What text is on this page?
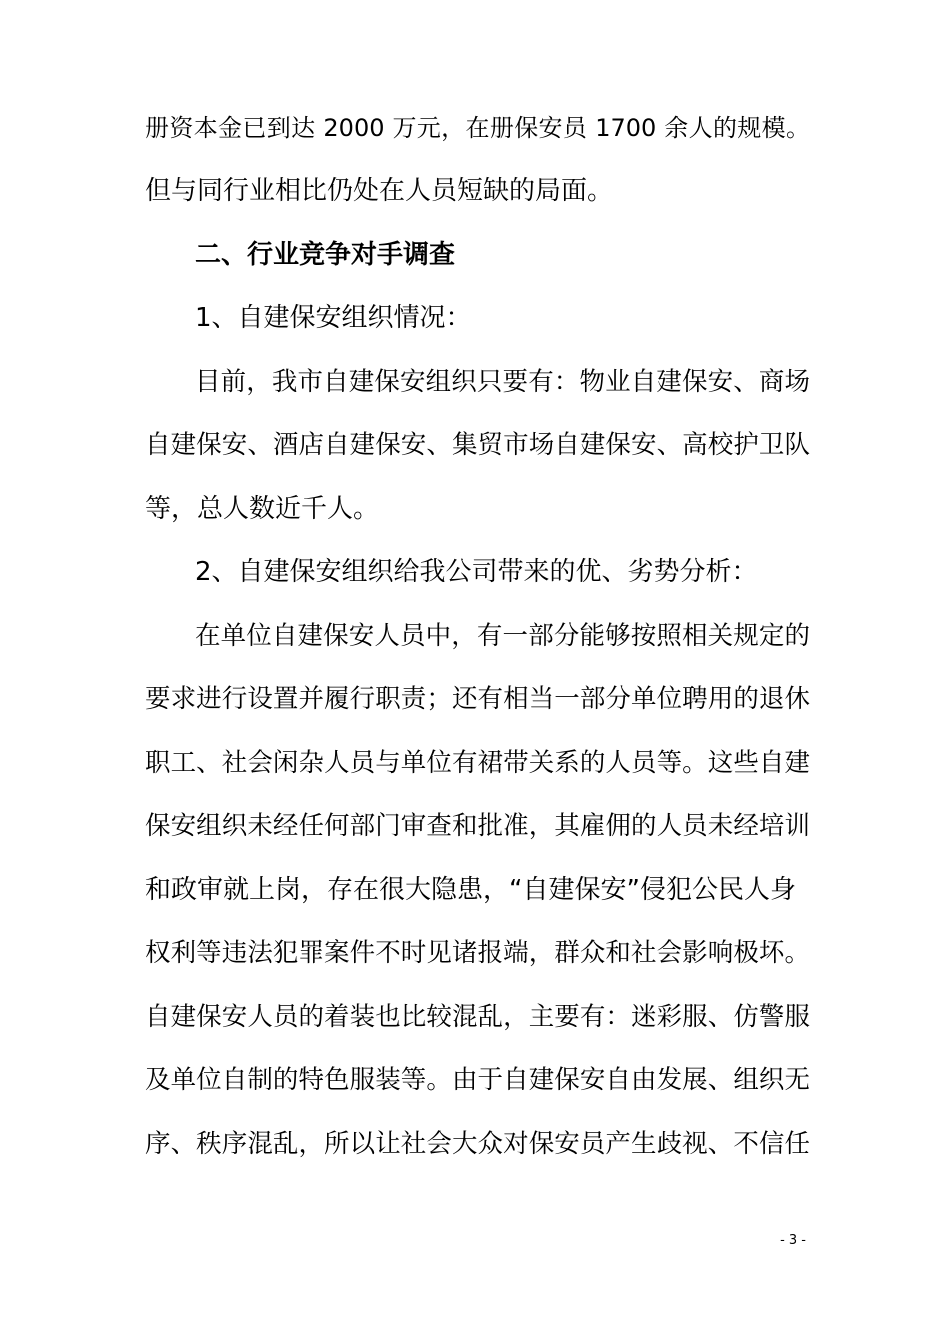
册资本金已到达 2000 万元，在册保安员 1700 余人的规模。
但与同行业相比仍处在人员短缺的局面。
二、行业竞争对手调查
1、自建保安组织情况：
目前，我市自建保安组织只要有：物业自建保安、商场
自建保安、酒店自建保安、集贸市场自建保安、高校护卫队
等，总人数近千人。
2、自建保安组织给我公司带来的优、劣势分析：
在单位自建保安人员中，有一部分能够按照相关规定的
要求进行设置并履行职责；还有相当一部分单位聘用的退休
职工、社会闲杂人员与单位有裙带关系的人员等。这些自建
保安组织未经任何部门审查和批准，其雇佣的人员未经培训
和政审就上岗，存在很大隐患，“自建保安”侵犯公民人身
权利等违法犯罪案件不时见诸报端，群众和社会影响极坏。
自建保安人员的着装也比较混乱，主要有：迷彩服、仿警服
及单位自制的特色服装等。由于自建保安自由发展、组织无
序、秩序混乱，所以让社会大众对保安员产生歧视、不信任
- 3 -
